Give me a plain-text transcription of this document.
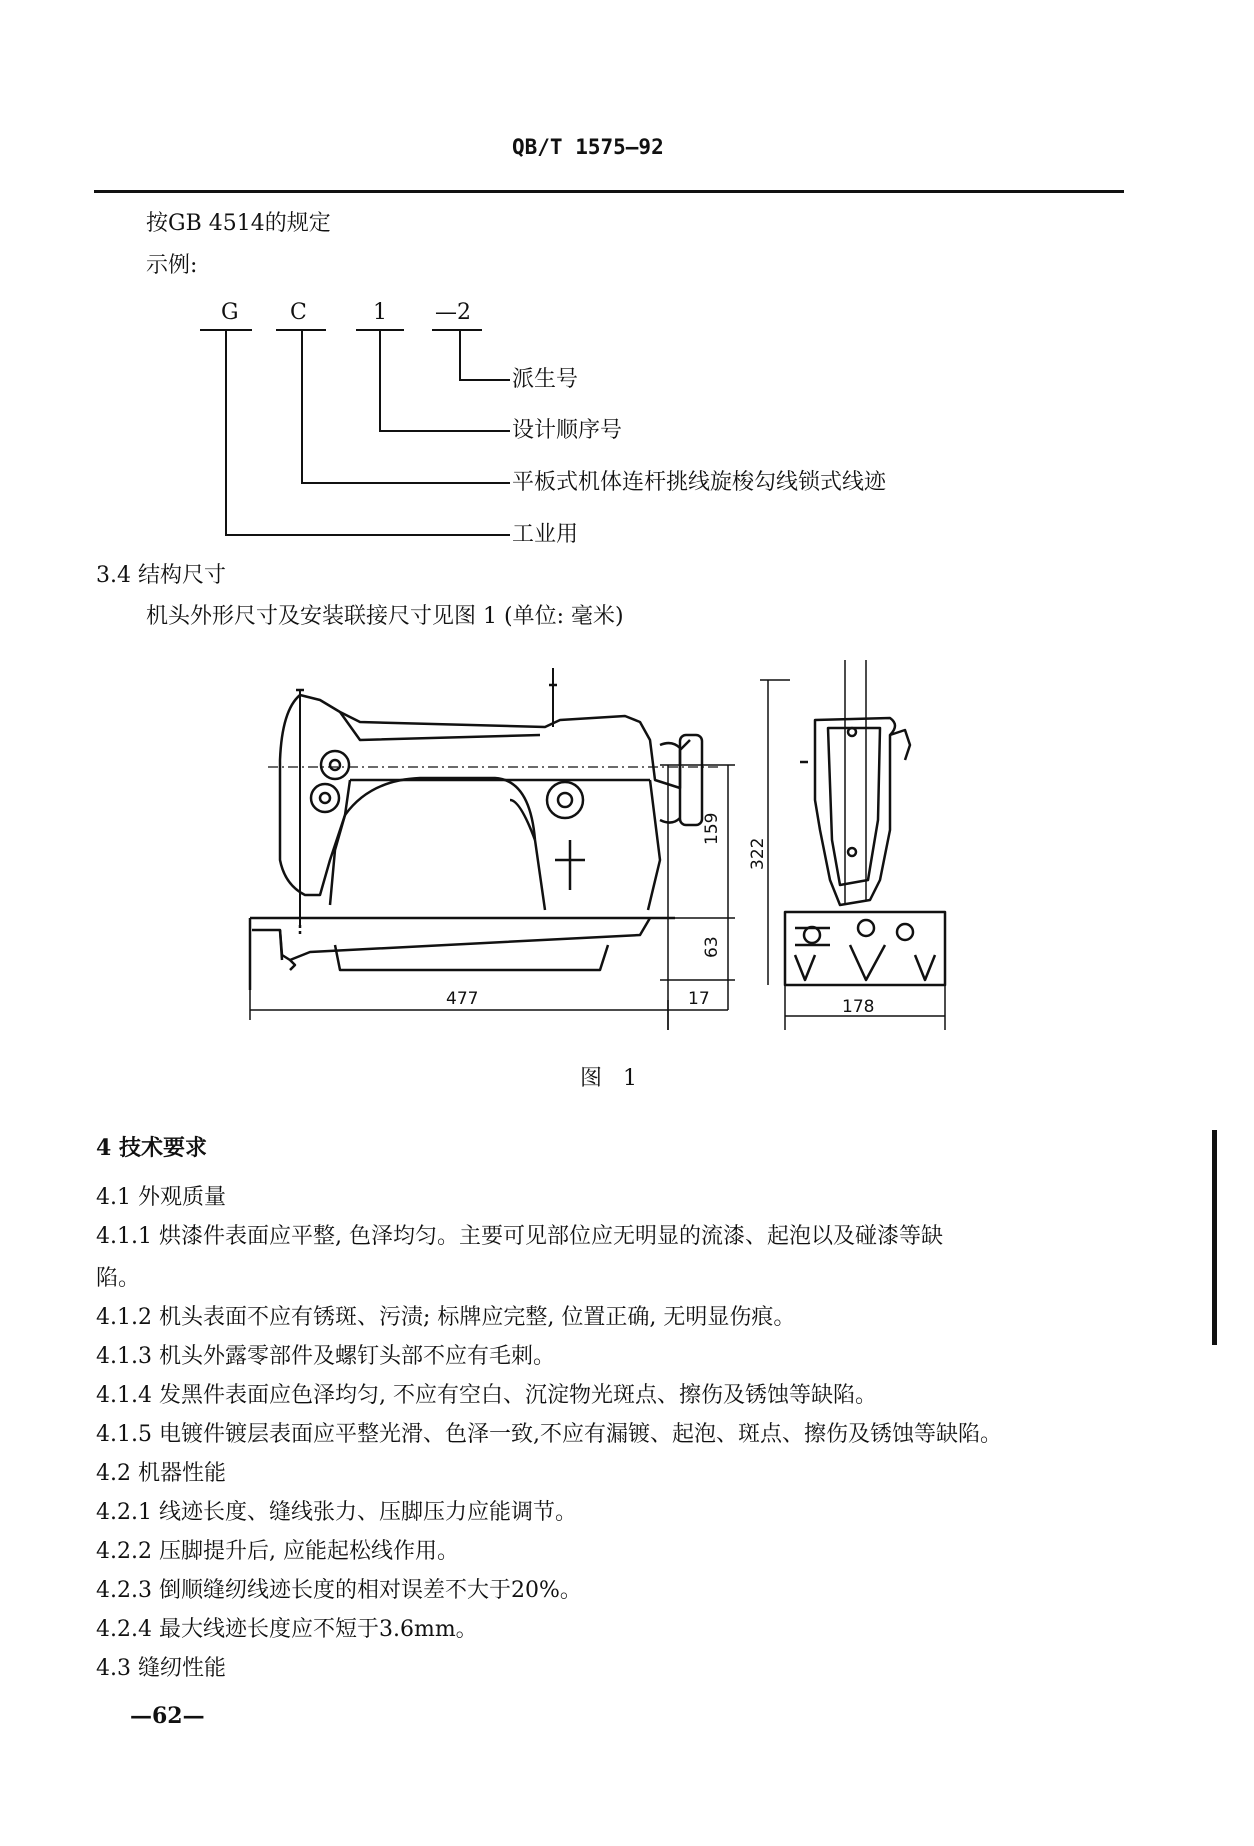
QB/T 1575—92
按GB 4514的规定
示例:
G C	1 —2
派生号
设计顺序号
平板式机体连杆挑线旋梭勾线锁式线迹
工业用
3.4 结构尺寸
机头外形尺寸及安装联接尺寸见图 1 (单位: 毫米)
159
322
63
477	17	178
图   1
4 技术要求
4.1 外观质量
4.1.1 烘漆件表面应平整, 色泽均匀。主要可见部位应无明显的流漆、起泡以及碰漆等缺
陷。
4.1.2 机头表面不应有锈斑、污渍; 标牌应完整, 位置正确, 无明显伤痕。
4.1.3 机头外露零部件及螺钉头部不应有毛刺。
4.1.4 发黑件表面应色泽均匀, 不应有空白、沉淀物光斑点、擦伤及锈蚀等缺陷。
4.1.5 电镀件镀层表面应平整光滑、色泽一致,不应有漏镀、起泡、斑点、擦伤及锈蚀等缺陷。
4.2 机器性能
4.2.1 线迹长度、缝线张力、压脚压力应能调节。
4.2.2 压脚提升后, 应能起松线作用。
4.2.3 倒顺缝纫线迹长度的相对误差不大于20%。
4.2.4 最大线迹长度应不短于3.6mm。
4.3 缝纫性能
—62—
